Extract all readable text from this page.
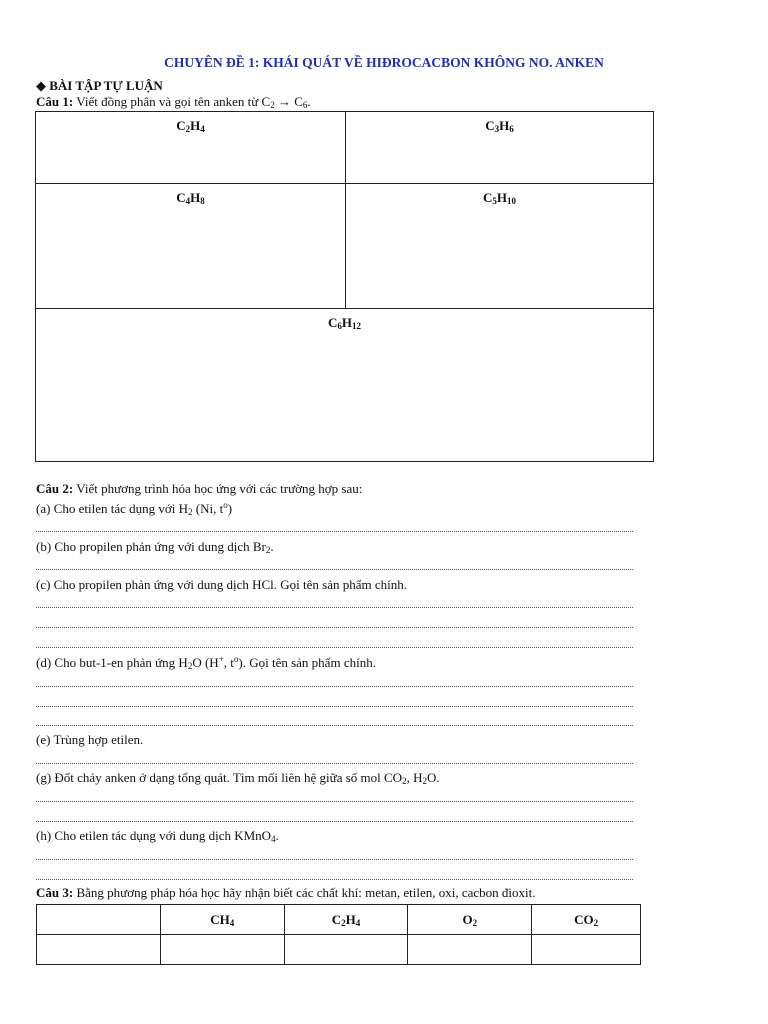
CHUYÊN ĐỀ 1: KHÁI QUÁT VỀ HIĐROCACBON KHÔNG NO. ANKEN
◆ BÀI TẬP TỰ LUẬN
Câu 1: Viết đồng phân và gọi tên anken từ $C_2 \to C_6$.
$C_2H_4$	$C_3H_6$
$C_4H_8$	$C_5H_{10}$
$C_6H_{12}$
Câu 2: Viết phương trình hóa học ứng với các trường hợp sau:
(a) Cho etilen tác dụng với $H_2$ (Ni, $t^o$)
(b) Cho propilen phản ứng với dung dịch $Br_2$.
(c) Cho propilen phản ứng với dung dịch HCl. Gọi tên sản phẩm chính.
(d) Cho but-1-en phản ứng $H_2O$ (H+, $t^o$). Gọi tên sản phẩm chính.
(e) Trùng hợp etilen.
(g) Đốt cháy anken ở dạng tổng quát. Tìm mối liên hệ giữa số mol $CO_2$, $H_2O$.
(h) Cho etilen tác dụng với dung dịch KMnO$_4$.
Câu 3: Bằng phương pháp hóa học hãy nhận biết các chất khí: metan, etilen, oxi, cacbon đioxit.
	$CH_4$	$C_2H_4$	$O_2$	$CO_2$
